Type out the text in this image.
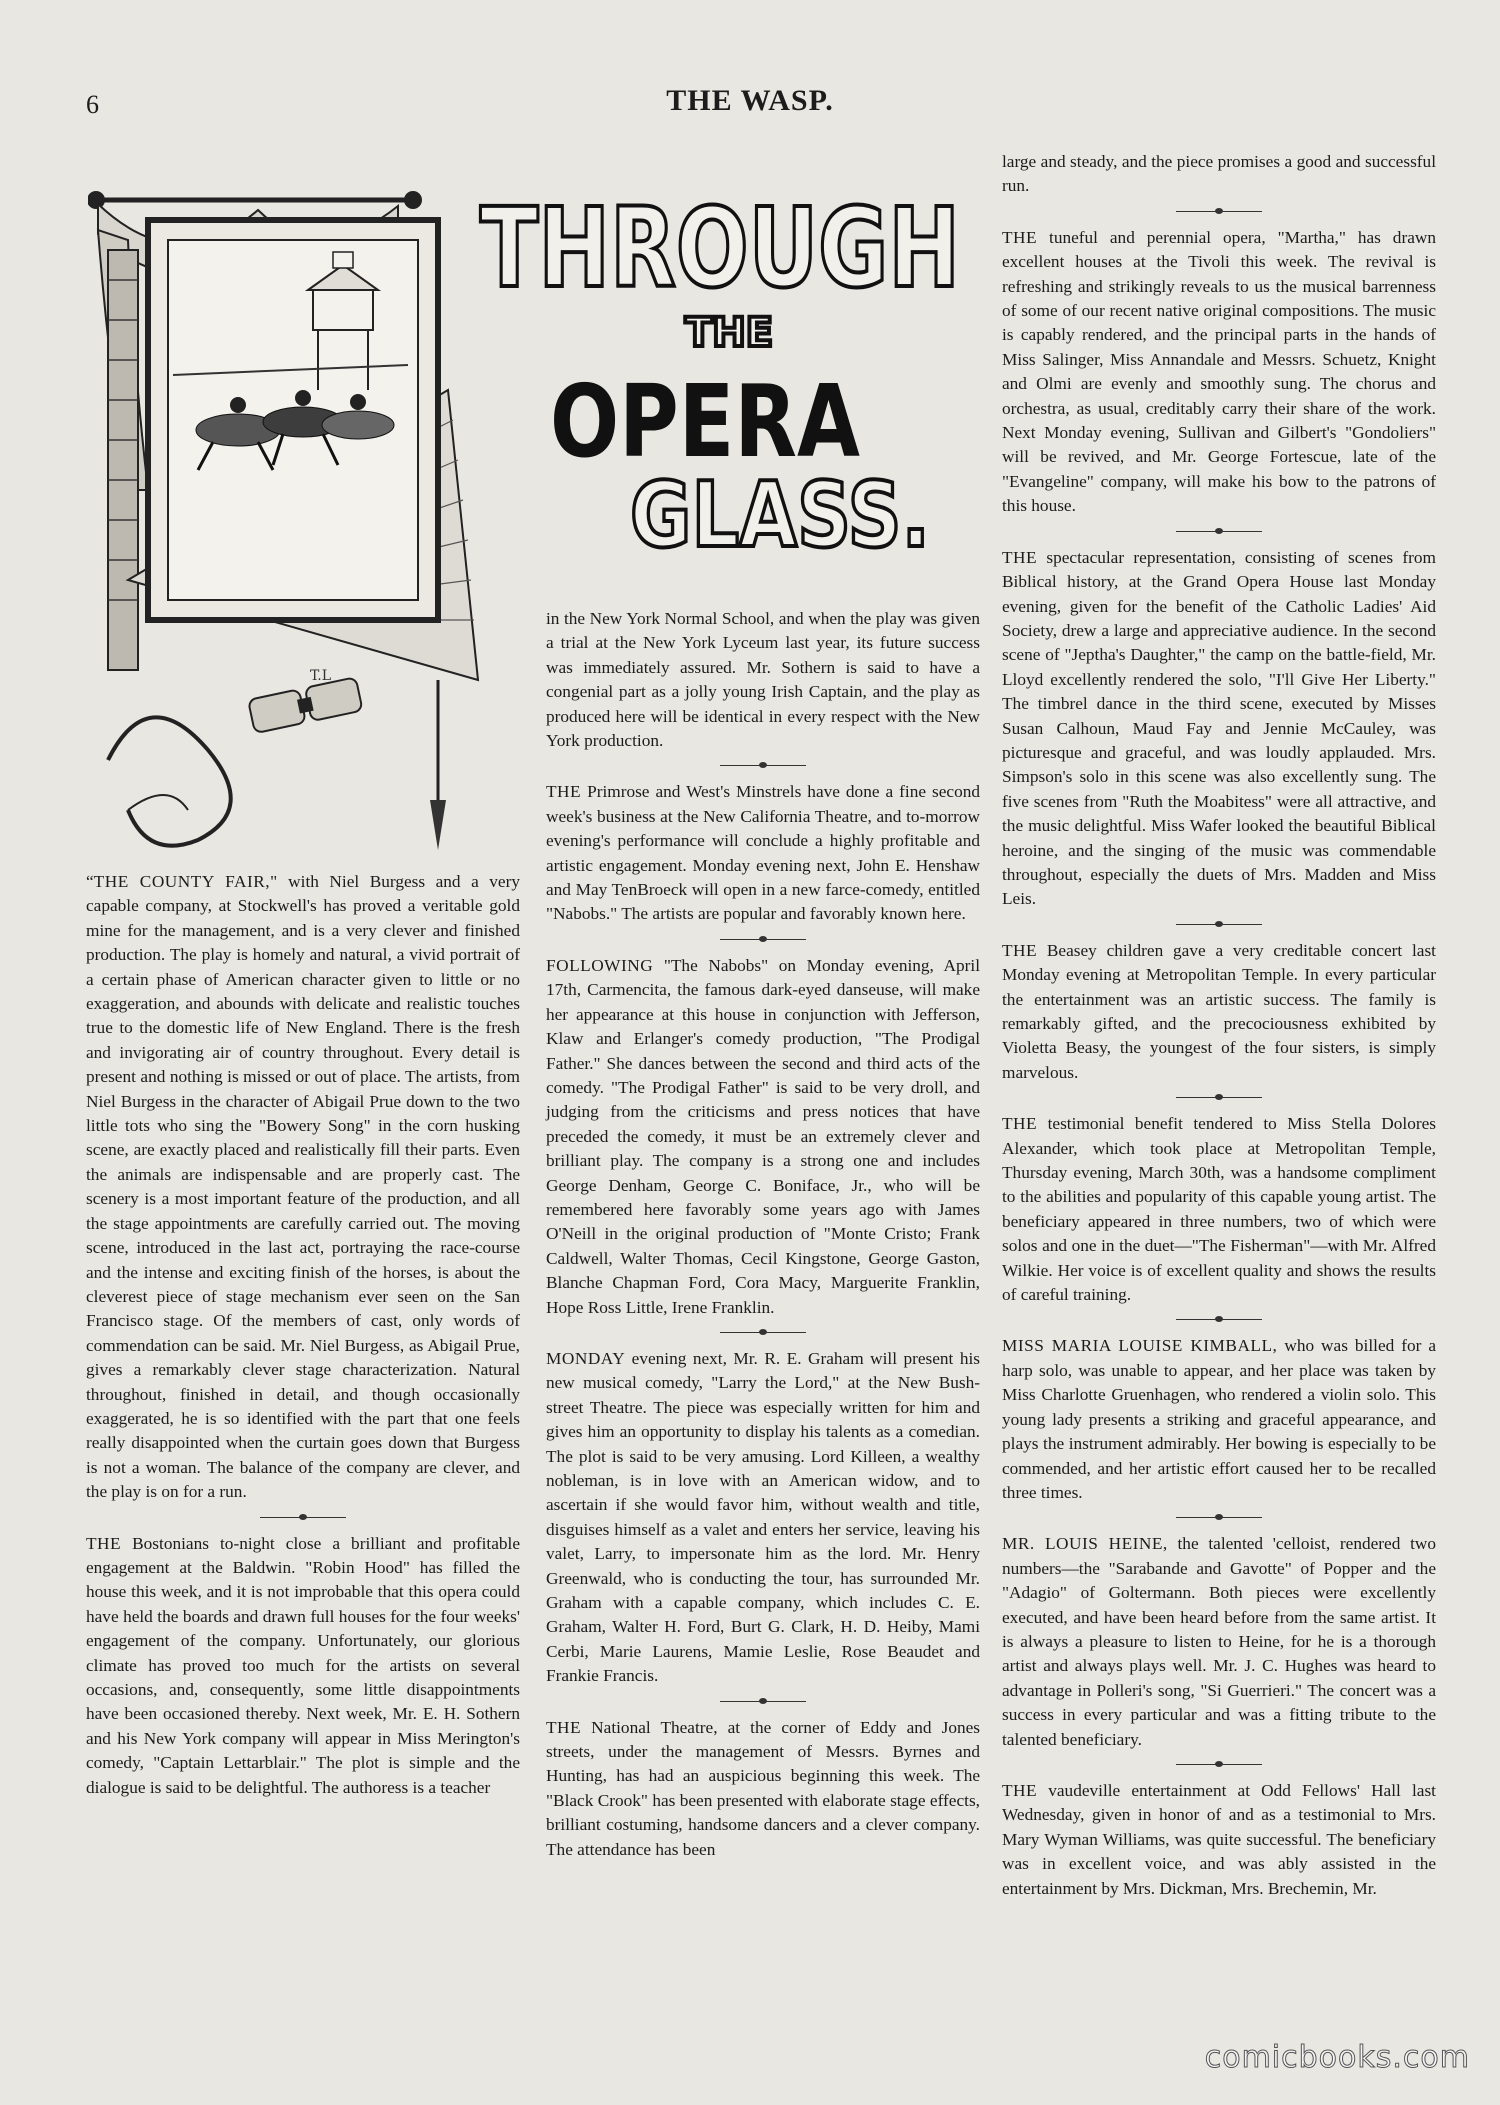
6	THE WASP.
T.L
THROUGH
THE
OPERA
GLASS.

“THE COUNTY FAIR," with Niel Burgess and a very capable company, at Stockwell's has proved a veritable gold mine for the management, and is a very clever and finished production. The play is homely and natural, a vivid portrait of a certain phase of American character given to little or no exaggeration, and abounds with delicate and realistic touches true to the domestic life of New England. There is the fresh and invigorating air of country throughout. Every detail is present and nothing is missed or out of place. The artists, from Niel Burgess in the character of Abigail Prue down to the two little tots who sing the "Bowery Song" in the corn husking scene, are exactly placed and realistically fill their parts. Even the animals are indispensable and are properly cast. The scenery is a most important feature of the production, and all the stage appointments are carefully carried out. The moving scene, introduced in the last act, portraying the race-course and the intense and exciting finish of the horses, is about the cleverest piece of stage mechanism ever seen on the San Francisco stage. Of the members of cast, only words of commendation can be said. Mr. Niel Burgess, as Abigail Prue, gives a remarkably clever stage characterization. Natural throughout, finished in detail, and though occasionally exaggerated, he is so identified with the part that one feels really disappointed when the curtain goes down that Burgess is not a woman. The balance of the company are clever, and the play is on for a run.

THE Bostonians to-night close a brilliant and profitable engagement at the Baldwin. "Robin Hood" has filled the house this week, and it is not improbable that this opera could have held the boards and drawn full houses for the four weeks' engagement of the company. Unfortunately, our glorious climate has proved too much for the artists on several occasions, and, consequently, some little disappointments have been occasioned thereby. Next week, Mr. E. H. Sothern and his New York company will appear in Miss Merington's comedy, "Captain Lettarblair." The plot is simple and the dialogue is said to be delightful. The authoress is a teacher

in the New York Normal School, and when the play was given a trial at the New York Lyceum last year, its future success was immediately assured. Mr. Sothern is said to have a congenial part as a jolly young Irish Captain, and the play as produced here will be identical in every respect with the New York production.

THE Primrose and West's Minstrels have done a fine second week's business at the New California Theatre, and to-morrow evening's performance will conclude a highly profitable and artistic engagement. Monday evening next, John E. Henshaw and May TenBroeck will open in a new farce-comedy, entitled "Nabobs." The artists are popular and favorably known here.

FOLLOWING "The Nabobs" on Monday evening, April 17th, Carmencita, the famous dark-eyed danseuse, will make her appearance at this house in conjunction with Jefferson, Klaw and Erlanger's comedy production, "The Prodigal Father." She dances between the second and third acts of the comedy. "The Prodigal Father" is said to be very droll, and judging from the criticisms and press notices that have preceded the comedy, it must be an extremely clever and brilliant play. The company is a strong one and includes George Denham, George C. Boniface, Jr., who will be remembered here favorably some years ago with James O'Neill in the original production of "Monte Cristo; Frank Caldwell, Walter Thomas, Cecil Kingstone, George Gaston, Blanche Chapman Ford, Cora Macy, Marguerite Franklin, Hope Ross Little, Irene Franklin.

MONDAY evening next, Mr. R. E. Graham will present his new musical comedy, "Larry the Lord," at the New Bush-street Theatre. The piece was especially written for him and gives him an opportunity to display his talents as a comedian. The plot is said to be very amusing. Lord Killeen, a wealthy nobleman, is in love with an American widow, and to ascertain if she would favor him, without wealth and title, disguises himself as a valet and enters her service, leaving his valet, Larry, to impersonate him as the lord. Mr. Henry Greenwald, who is conducting the tour, has surrounded Mr. Graham with a capable company, which includes C. E. Graham, Walter H. Ford, Burt G. Clark, H. D. Heiby, Mami Cerbi, Marie Laurens, Mamie Leslie, Rose Beaudet and Frankie Francis.

THE National Theatre, at the corner of Eddy and Jones streets, under the management of Messrs. Byrnes and Hunting, has had an auspicious beginning this week. The "Black Crook" has been presented with elaborate stage effects, brilliant costuming, handsome dancers and a clever company. The attendance has been

large and steady, and the piece promises a good and successful run.

THE tuneful and perennial opera, "Martha," has drawn excellent houses at the Tivoli this week. The revival is refreshing and strikingly reveals to us the musical barrenness of some of our recent native original compositions. The music is capably rendered, and the principal parts in the hands of Miss Salinger, Miss Annandale and Messrs. Schuetz, Knight and Olmi are evenly and smoothly sung. The chorus and orchestra, as usual, creditably carry their share of the work. Next Monday evening, Sullivan and Gilbert's "Gondoliers" will be revived, and Mr. George Fortescue, late of the "Evangeline" company, will make his bow to the patrons of this house.

THE spectacular representation, consisting of scenes from Biblical history, at the Grand Opera House last Monday evening, given for the benefit of the Catholic Ladies' Aid Society, drew a large and appreciative audience. In the second scene of "Jeptha's Daughter," the camp on the battle-field, Mr. Lloyd excellently rendered the solo, "I'll Give Her Liberty." The timbrel dance in the third scene, executed by Misses Susan Calhoun, Maud Fay and Jennie McCauley, was picturesque and graceful, and was loudly applauded. Mrs. Simpson's solo in this scene was also excellently sung. The five scenes from "Ruth the Moabitess" were all attractive, and the music delightful. Miss Wafer looked the beautiful Biblical heroine, and the singing of the music was commendable throughout, especially the duets of Mrs. Madden and Miss Leis.

THE Beasey children gave a very creditable concert last Monday evening at Metropolitan Temple. In every particular the entertainment was an artistic success. The family is remarkably gifted, and the precociousness exhibited by Violetta Beasy, the youngest of the four sisters, is simply marvelous.

THE testimonial benefit tendered to Miss Stella Dolores Alexander, which took place at Metropolitan Temple, Thursday evening, March 30th, was a handsome compliment to the abilities and popularity of this capable young artist. The beneficiary appeared in three numbers, two of which were solos and one in the duet—"The Fisherman"—with Mr. Alfred Wilkie. Her voice is of excellent quality and shows the results of careful training.

MISS MARIA LOUISE KIMBALL, who was billed for a harp solo, was unable to appear, and her place was taken by Miss Charlotte Gruenhagen, who rendered a violin solo. This young lady presents a striking and graceful appearance, and plays the instrument admirably. Her bowing is especially to be commended, and her artistic effort caused her to be recalled three times.

MR. LOUIS HEINE, the talented 'celloist, rendered two numbers—the "Sarabande and Gavotte" of Popper and the "Adagio" of Goltermann. Both pieces were excellently executed, and have been heard before from the same artist. It is always a pleasure to listen to Heine, for he is a thorough artist and always plays well. Mr. J. C. Hughes was heard to advantage in Polleri's song, "Si Guerrieri." The concert was a success in every particular and was a fitting tribute to the talented beneficiary.

THE vaudeville entertainment at Odd Fellows' Hall last Wednesday, given in honor of and as a testimonial to Mrs. Mary Wyman Williams, was quite successful. The beneficiary was in excellent voice, and was ably assisted in the entertainment by Mrs. Dickman, Mrs. Brechemin, Mr.

comicbooks.com
